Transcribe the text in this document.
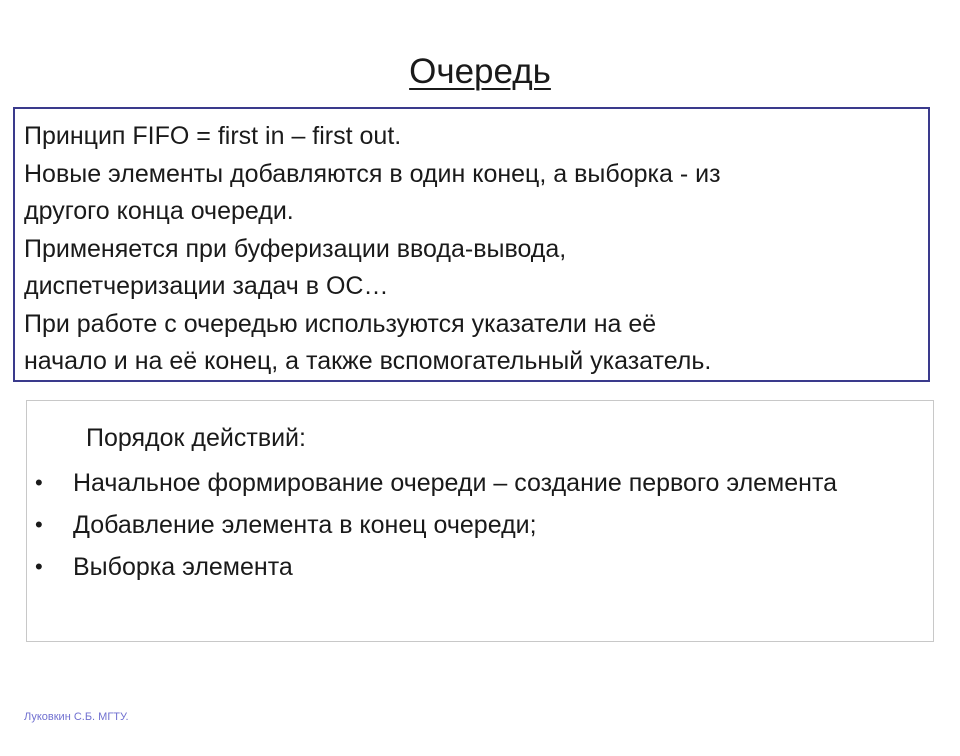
Очередь
Принцип FIFO = first in – first out.
Новые элементы добавляются в один конец, а выборка - из
другого конца очереди.
Применяется при буферизации ввода-вывода,
диспетчеризации задач в ОС…
При работе с очередью используются указатели на её
начало и на её конец, а также вспомогательный указатель.
Порядок действий:
• Начальное формирование очереди – создание первого элемента
• Добавление элемента в конец очереди;
• Выборка элемента
Луковкин С.Б. МГТУ.
